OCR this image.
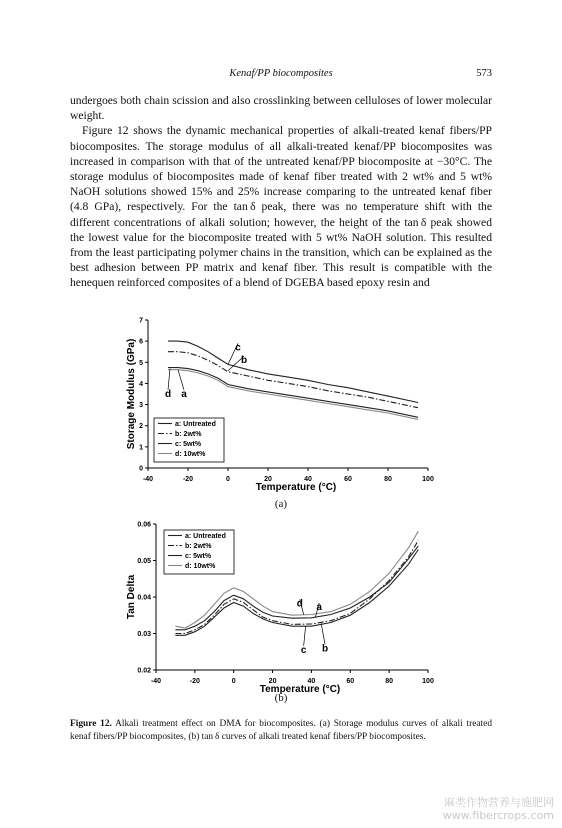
Kenaf/PP biocomposites	573

undergoes both chain scission and also crosslinking between celluloses of lower molecular weight.

Figure 12 shows the dynamic mechanical properties of alkali-treated kenaf fibers/PP biocomposites. The storage modulus of all alkali-treated kenaf/PP biocomposites was increased in comparison with that of the untreated kenaf/PP biocomposite at −30°C. The storage modulus of biocomposites made of kenaf fiber treated with 2 wt% and 5 wt% NaOH solutions showed 15% and 25% increase comparing to the untreated kenaf fiber (4.8 GPa), respectively. For the tan δ peak, there was no temperature shift with the different concentrations of alkali solution; however, the height of the tan δ peak showed the lowest value for the biocomposite treated with 5 wt% NaOH solution. This resulted from the least participating polymer chains in the transition, which can be explained as the best adhesion between PP matrix and kenaf fiber. This result is compatible with the henequen reinforced composites of a blend of DGEBA based epoxy resin and

-40	-20	0	20	40	60	80	100
0
1
2
3
4
5
6
7
Temperature (°C)
Storage Modulus (GPa)	a: Untreated
b: 2wt%
c: 5wt%
d: 10wt%
c
b
d a
(a)
-40	-20	0	20	40	60	80	100
0.02
0.03
0.04
0.05
0.06
Temperature (°C)
Tan Delta
a: Untreated
b: 2wt%
c: 5wt%
d: 10wt%
d a
c b
(b)
Figure 12. Alkali treatment effect on DMA for biocomposites. (a) Storage modulus curves of alkali treated kenaf fibers/PP biocomposites, (b) tan δ curves of alkali treated kenaf fibers/PP biocomposites.
麻类作物营养与施肥网
www.fibercrops.com
